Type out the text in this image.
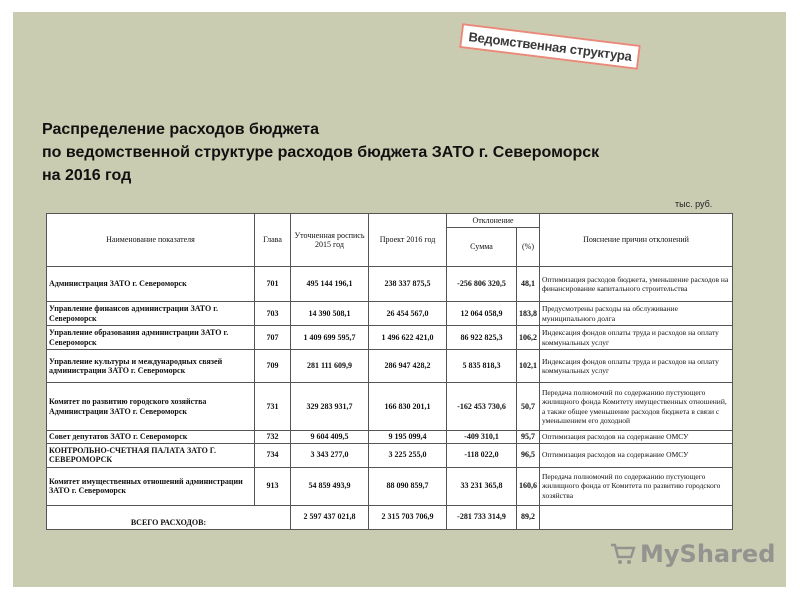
Ведомственная структура
Распределение расходов бюджета
по ведомственной структуре расходов бюджета ЗАТО г. Североморск
на 2016 год
тыс. руб.
Наименование показателя	Глава	Уточненная роспись 2015 год	Проект 2016 год	Отклонение		Пояснение причин отклонений
				Сумма	(%)	
Администрация ЗАТО г. Североморск	701	495 144 196,1	238 337 875,5	-256 806 320,5	48,1	Оптимизация расходов бюджета, уменьшение расходов на финансирование капитального строительства
Управление финансов администрации ЗАТО г. Североморск	703	14 390 508,1	26 454 567,0	12 064 058,9	183,8	Предусмотрены расходы на обслуживание муниципального долга
Управление образования администрации ЗАТО г. Североморск	707	1 409 699 595,7	1 496 622 421,0	86 922 825,3	106,2	Индексация фондов оплаты труда и расходов на оплату коммунальных услуг
Управление культуры и международных связей администрации ЗАТО г. Североморск	709	281 111 609,9	286 947 428,2	5 835 818,3	102,1	Индексация фондов оплаты труда и расходов на оплату коммунальных услуг
Комитет по развитию городского хозяйства Администрации ЗАТО г. Североморск	731	329 283 931,7	166 830 201,1	-162 453 730,6	50,7	Передача полномочий по содержанию пустующего жилищного фонда Комитету имущественных отношений, а также общее уменьшение расходов бюджета в связи с уменьшением его доходной
Совет депутатов ЗАТО г. Североморск	732	9 604 409,5	9 195 099,4	-409 310,1	95,7	Оптимизация расходов на содержание ОМСУ
КОНТРОЛЬНО-СЧЕТНАЯ ПАЛАТА ЗАТО Г. СЕВЕРОМОРСК	734	3 343 277,0	3 225 255,0	-118 022,0	96,5	Оптимизация расходов на содержание ОМСУ
Комитет имущественных отношений администрации ЗАТО г. Североморск	913	54 859 493,9	88 090 859,7	33 231 365,8	160,6	Передача полномочий по содержанию пустующего жилищного фонда от Комитета по развитию городского хозяйства
ВСЕГО РАСХОДОВ:		2 597 437 021,8	2 315 703 706,9	-281 733 314,9	89,2	
MyShared
